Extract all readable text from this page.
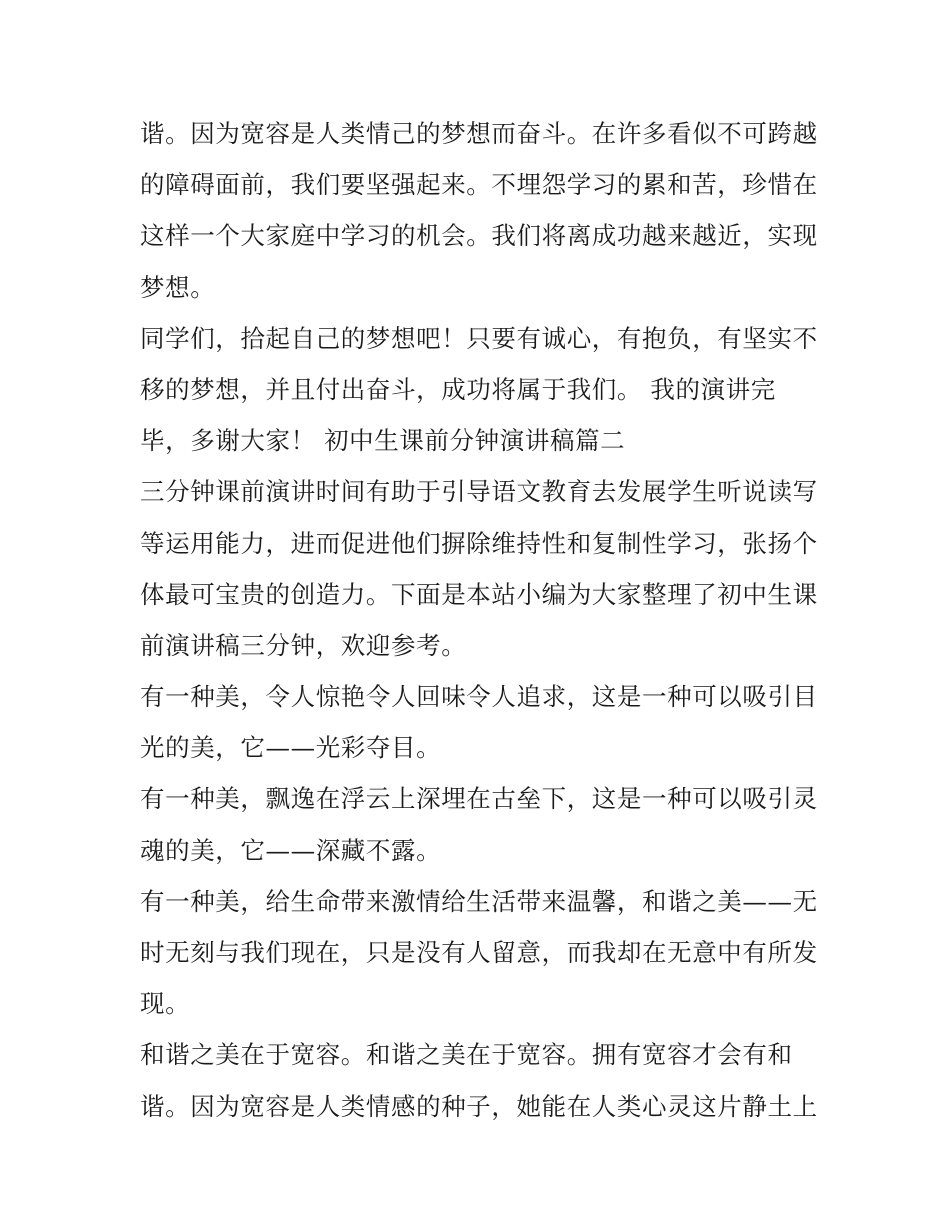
谐。因为宽容是人类情己的梦想而奋斗。在许多看似不可跨越
的障碍面前，我们要坚强起来。不埋怨学习的累和苦，珍惜在
这样一个大家庭中学习的机会。我们将离成功越来越近，实现
梦想。
同学们，拾起自己的梦想吧！只要有诚心，有抱负，有坚实不
移的梦想，并且付出奋斗，成功将属于我们。 我的演讲完
毕，多谢大家！ 初中生课前分钟演讲稿篇二
三分钟课前演讲时间有助于引导语文教育去发展学生听说读写
等运用能力，进而促进他们摒除维持性和复制性学习，张扬个
体最可宝贵的创造力。下面是本站小编为大家整理了初中生课
前演讲稿三分钟，欢迎参考。
有一种美，令人惊艳令人回味令人追求，这是一种可以吸引目
光的美，它——光彩夺目。
有一种美，飘逸在浮云上深埋在古垒下，这是一种可以吸引灵
魂的美，它——深藏不露。
有一种美，给生命带来激情给生活带来温馨，和谐之美——无
时无刻与我们现在，只是没有人留意，而我却在无意中有所发
现。
和谐之美在于宽容。和谐之美在于宽容。拥有宽容才会有和
谐。因为宽容是人类情感的种子，她能在人类心灵这片静土上
